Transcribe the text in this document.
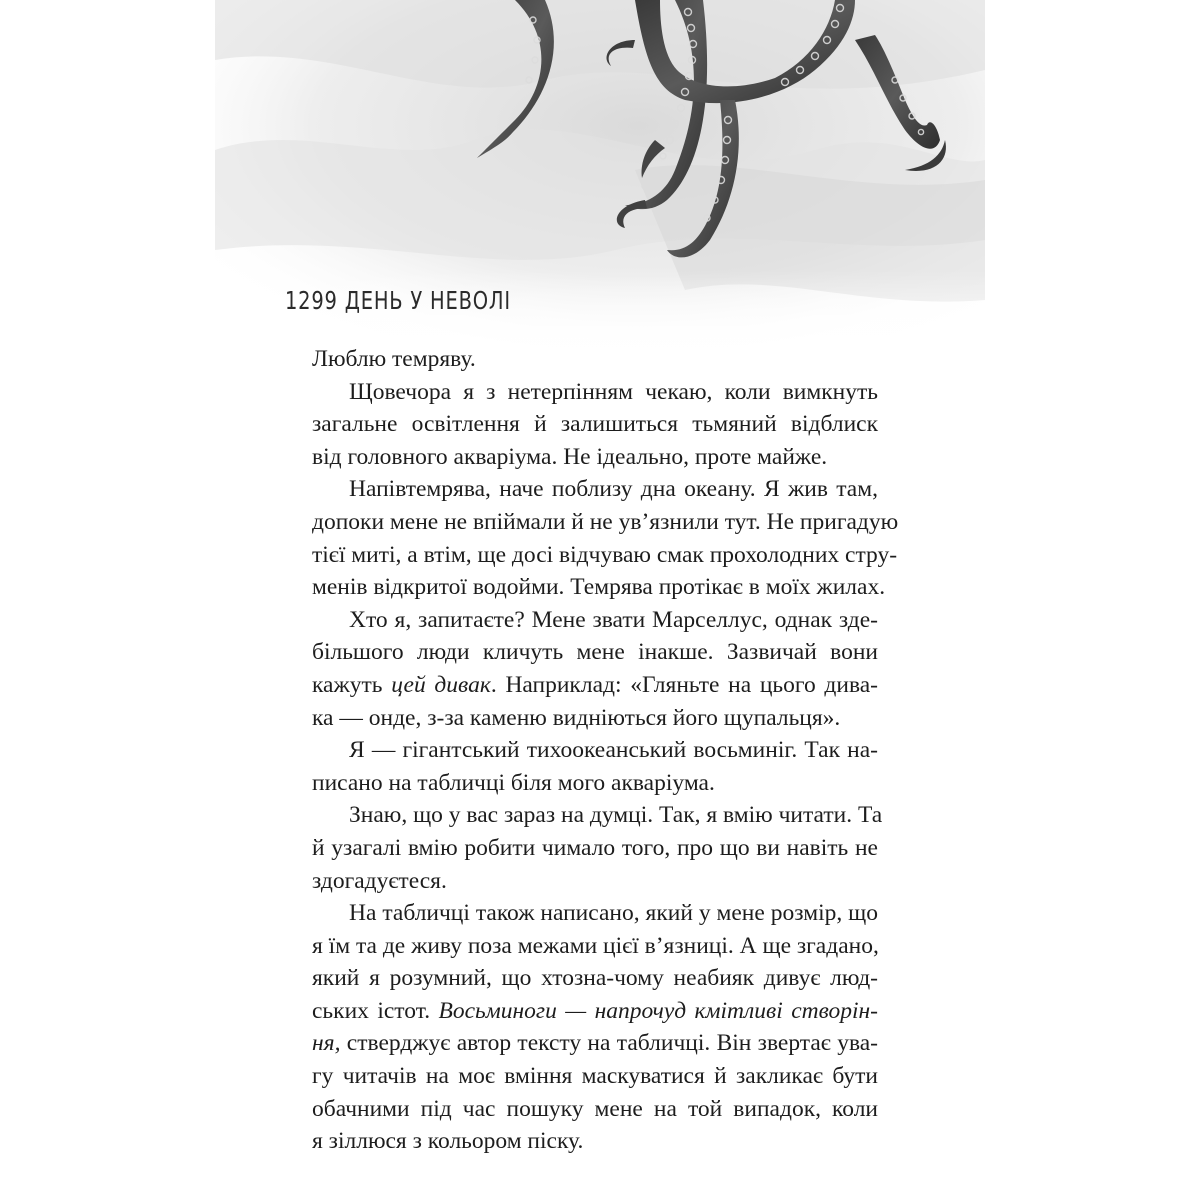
1299 ДЕНЬ У НЕВОЛІ

Люблю темряву.

Щовечора я з нетерпінням чекаю, коли вимкнуть
загальне освітлення й залишиться тьмяний відблиск
від головного акваріума. Не ідеально, проте майже.

Напівтемрява, наче поблизу дна океану. Я жив там,
допоки мене не впіймали й не ув’язнили тут. Не пригадую
тієї миті, а втім, ще досі відчуваю смак прохолодних стру-
менів відкритої водойми. Темрява протікає в моїх жилах.

Хто я, запитаєте? Мене звати Марселлус, однак зде-
більшого люди кличуть мене інакше. Зазвичай вони
кажуть цей дивак. Наприклад: «Гляньте на цього дива-
ка — онде, з-за каменю видніються його щупальця».

Я — гігантський тихоокеанський восьминіг. Так на-
писано на табличці біля мого акваріума.

Знаю, що у вас зараз на думці. Так, я вмію читати. Та
й узагалі вмію робити чимало того, про що ви навіть не
здогадуєтеся.

На табличці також написано, який у мене розмір, що
я їм та де живу поза межами цієї в’язниці. А ще згадано,
який я розумний, що хтозна-чому неабияк дивує люд-
ських істот. Восьминоги — напрочуд кмітливі створін-
ня, стверджує автор тексту на табличці. Він звертає ува-
гу читачів на моє вміння маскуватися й закликає бути
обачними під час пошуку мене на той випадок, коли
я зіллюся з кольором піску.
